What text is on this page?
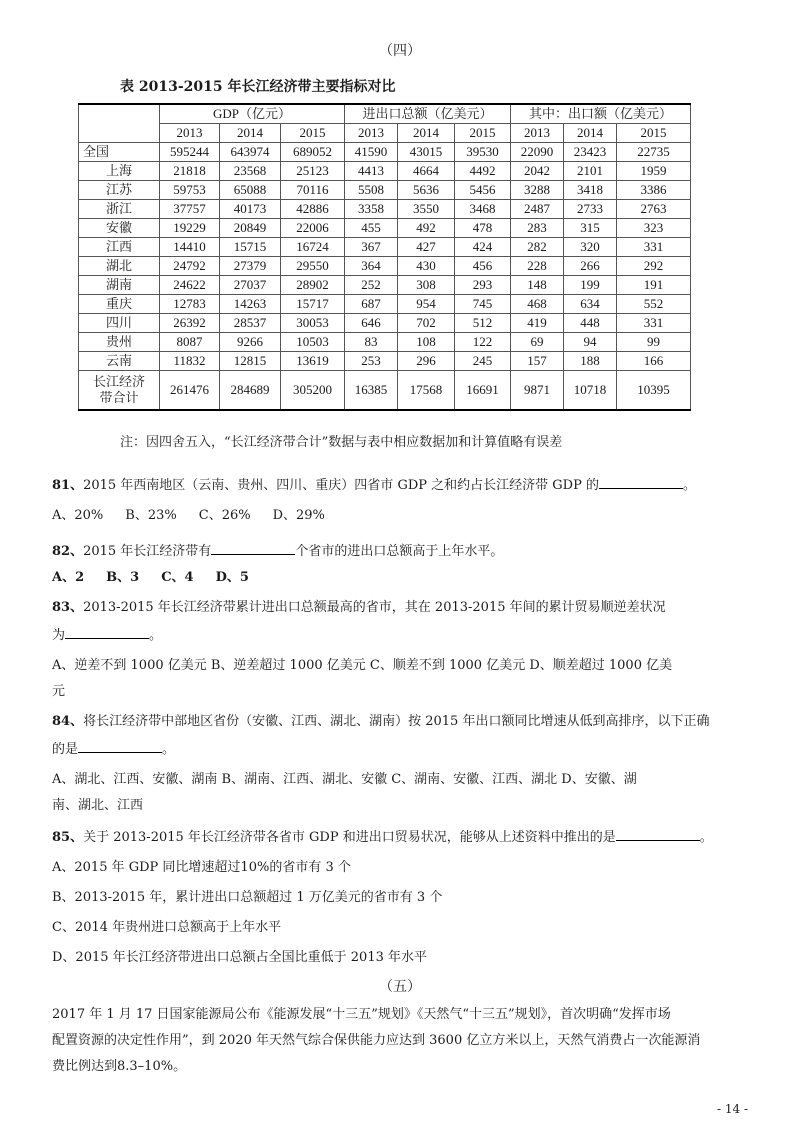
（四）
表 2013-2015 年长江经济带主要指标对比
	GDP（亿元）			进出口总额（亿美元）			其中：出口额（亿美元）		
	2013	2014	2015	2013	2014	2015	2013	2014	2015
全国	595244	643974	689052	41590	43015	39530	22090	23423	22735
上海	21818	23568	25123	4413	4664	4492	2042	2101	1959
江苏	59753	65088	70116	5508	5636	5456	3288	3418	3386
浙江	37757	40173	42886	3358	3550	3468	2487	2733	2763
安徽	19229	20849	22006	455	492	478	283	315	323
江西	14410	15715	16724	367	427	424	282	320	331
湖北	24792	27379	29550	364	430	456	228	266	292
湖南	24622	27037	28902	252	308	293	148	199	191
重庆	12783	14263	15717	687	954	745	468	634	552
四川	26392	28537	30053	646	702	512	419	448	331
贵州	8087	9266	10503	83	108	122	69	94	99
云南	11832	12815	13619	253	296	245	157	188	166
长江经济
带合计	261476	284689	305200	16385	17568	16691	9871	10718	10395
注：因四舍五入，“长江经济带合计”数据与表中相应数据加和计算值略有误差
81、2015 年西南地区（云南、贵州、四川、重庆）四省市 GDP 之和约占长江经济带 GDP 的	。
A、20% B、23% C、26% D、29%
82、2015 年长江经济带有	个省市的进出口总额高于上年水平。
A、2 B、3 C、4 D、5
83、2013-2015 年长江经济带累计进出口总额最高的省市，其在 2013-2015 年间的累计贸易顺逆差状况
为	。
A、逆差不到 1000 亿美元 B、逆差超过 1000 亿美元 C、顺差不到 1000 亿美元 D、顺差超过 1000 亿美
元
84、将长江经济带中部地区省份（安徽、江西、湖北、湖南）按 2015 年出口额同比增速从低到高排序，以下正确
的是	。
A、湖北、江西、安徽、湖南 B、湖南、江西、湖北、安徽 C、湖南、安徽、江西、湖北 D、安徽、湖
南、湖北、江西
85、关于 2013-2015 年长江经济带各省市 GDP 和进出口贸易状况，能够从上述资料中推出的是	。
A、2015 年 GDP 同比增速超过10%的省市有 3 个
B、2013-2015 年，累计进出口总额超过 1 万亿美元的省市有 3 个
C、2014 年贵州进口总额高于上年水平
D、2015 年长江经济带进出口总额占全国比重低于 2013 年水平
（五）
2017 年 1 月 17 日国家能源局公布《能源发展“十三五”规划》《天然气“十三五”规划》，首次明确“发挥市场
配置资源的决定性作用”，到 2020 年天然气综合保供能力应达到 3600 亿立方米以上，天然气消费占一次能源消
费比例达到8.3–10%。
- 14 -
